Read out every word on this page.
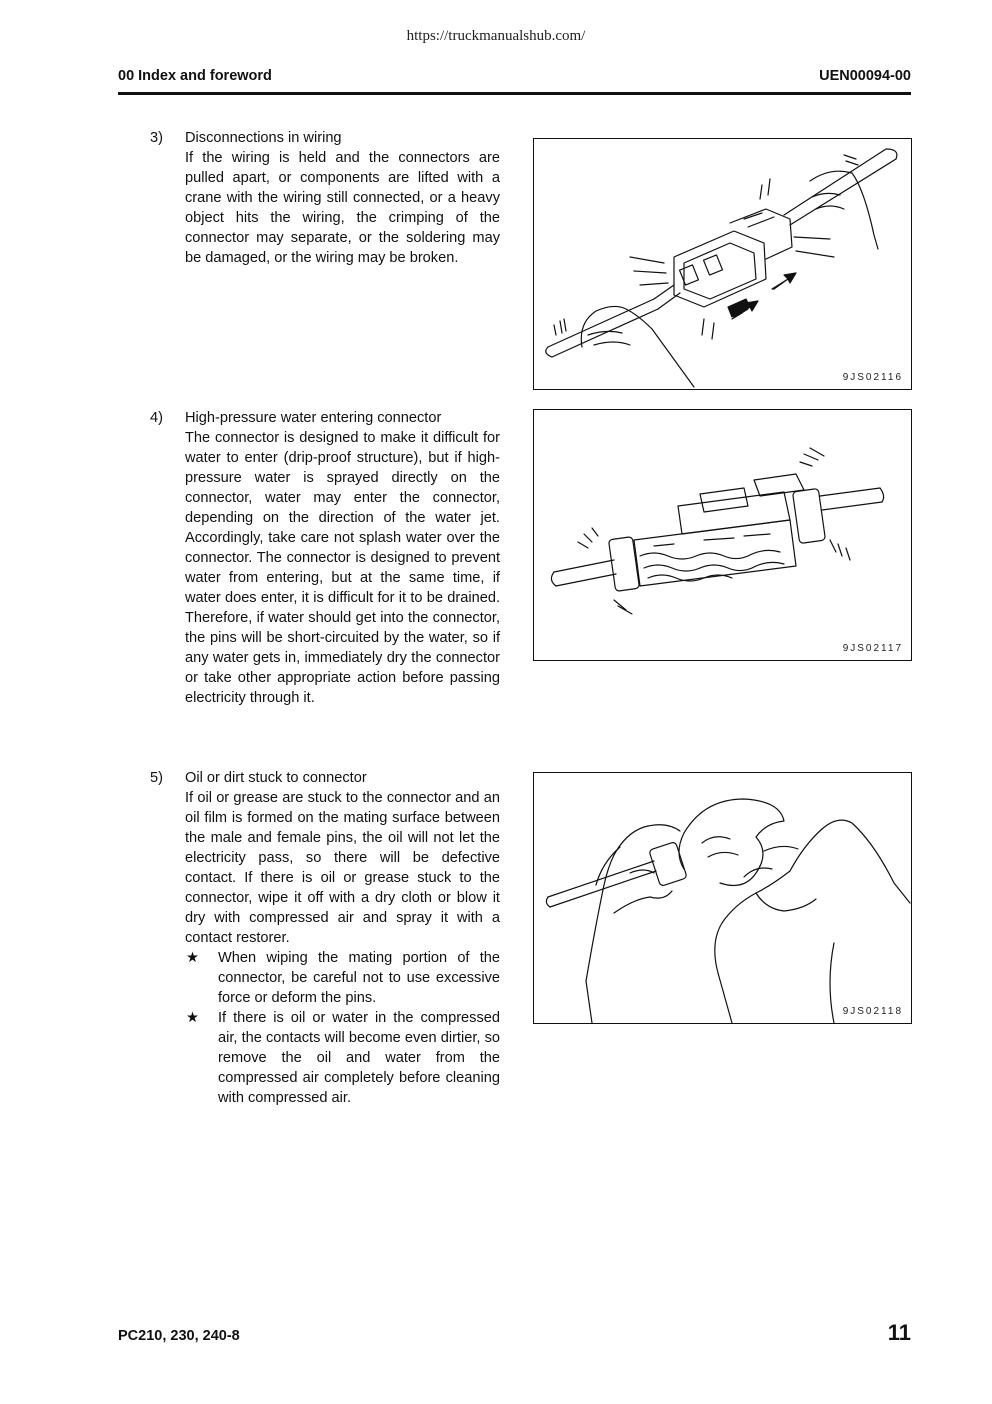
https://truckmanualshub.com/
00 Index and foreword	UEN00094-00
3) Disconnections in wiring
If the wiring is held and the connectors are pulled apart, or components are lifted with a crane with the wiring still connected, or a heavy object hits the wiring, the crimping of the connector may separate, or the soldering may be damaged, or the wiring may be broken.
4) High-pressure water entering connector
The connector is designed to make it difficult for water to enter (drip-proof structure), but if high-pressure water is sprayed directly on the connector, water may enter the connector, depending on the direction of the water jet. Accordingly, take care not splash water over the connector. The connector is designed to prevent water from entering, but at the same time, if water does enter, it is difficult for it to be drained. Therefore, if water should get into the connector, the pins will be short-circuited by the water, so if any water gets in, immediately dry the connector or take other appropriate action before passing electricity through it.
5) Oil or dirt stuck to connector
If oil or grease are stuck to the connector and an oil film is formed on the mating surface between the male and female pins, the oil will not let the electricity pass, so there will be defective contact. If there is oil or grease stuck to the connector, wipe it off with a dry cloth or blow it dry with compressed air and spray it with a contact restorer.
★ When wiping the mating portion of the connector, be careful not to use excessive force or deform the pins.
★ If there is oil or water in the compressed air, the contacts will become even dirtier, so remove the oil and water from the compressed air completely before cleaning with compressed air.
9JS02116
9JS02117
9JS02118
PC210, 230, 240-8	11
